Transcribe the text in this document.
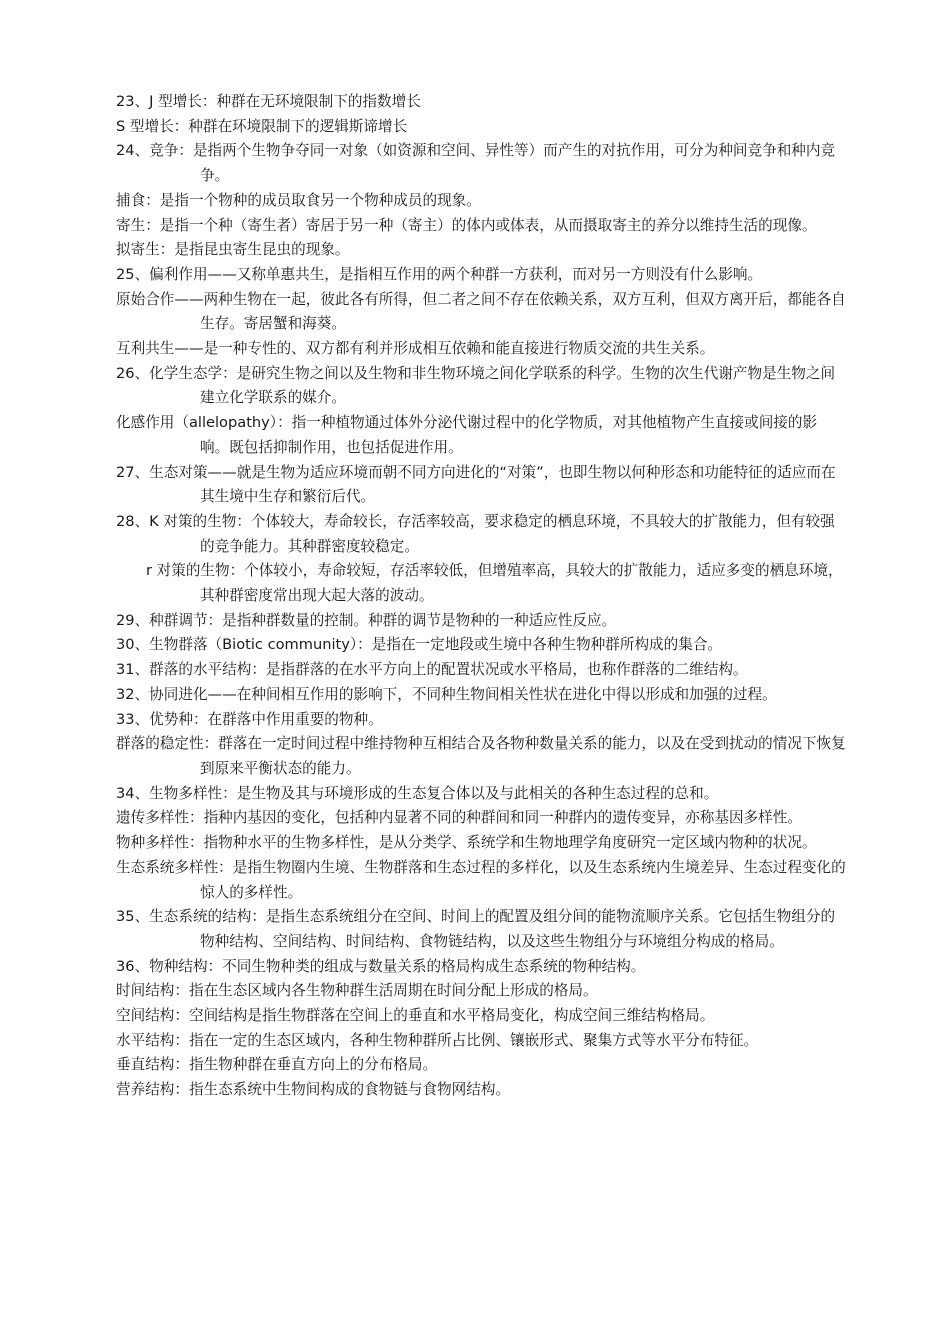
23、J 型增长：种群在无环境限制下的指数增长

S 型增长：种群在环境限制下的逻辑斯谛增长

24、竞争：是指两个生物争夺同一对象（如资源和空间、异性等）而产生的对抗作用，可分为种间竞争和种内竞争。

捕食：是指一个物种的成员取食另一个物种成员的现象。

寄生：是指一个种（寄生者）寄居于另一种（寄主）的体内或体表，从而摄取寄主的养分以维持生活的现像。

拟寄生：是指昆虫寄生昆虫的现象。

25、偏利作用——又称单惠共生，是指相互作用的两个种群一方获利，而对另一方则没有什么影响。

原始合作——两种生物在一起，彼此各有所得，但二者之间不存在依赖关系，双方互利，但双方离开后，都能各自生存。寄居蟹和海葵。

互利共生——是一种专性的、双方都有利并形成相互依赖和能直接进行物质交流的共生关系。

26、化学生态学：是研究生物之间以及生物和非生物环境之间化学联系的科学。生物的次生代谢产物是生物之间建立化学联系的媒介。

化感作用（allelopathy）：指一种植物通过体外分泌代谢过程中的化学物质，对其他植物产生直接或间接的影响。既包括抑制作用，也包括促进作用。

27、生态对策——就是生物为适应环境而朝不同方向进化的“对策”，也即生物以何种形态和功能特征的适应而在其生境中生存和繁衍后代。

28、K 对策的生物：个体较大，寿命较长，存活率较高，要求稳定的栖息环境，不具较大的扩散能力，但有较强的竞争能力。其种群密度较稳定。

r 对策的生物：个体较小，寿命较短，存活率较低，但增殖率高，具较大的扩散能力，适应多变的栖息环境，其种群密度常出现大起大落的波动。

29、种群调节：是指种群数量的控制。种群的调节是物种的一种适应性反应。

30、生物群落（Biotic community）：是指在一定地段或生境中各种生物种群所构成的集合。

31、群落的水平结构：是指群落的在水平方向上的配置状况或水平格局，也称作群落的二维结构。

32、协同进化——在种间相互作用的影响下，不同种生物间相关性状在进化中得以形成和加强的过程。

33、优势种：在群落中作用重要的物种。

群落的稳定性：群落在一定时间过程中维持物种互相结合及各物种数量关系的能力，以及在受到扰动的情况下恢复到原来平衡状态的能力。

34、生物多样性：是生物及其与环境形成的生态复合体以及与此相关的各种生态过程的总和。

遗传多样性：指种内基因的变化，包括种内显著不同的种群间和同一种群内的遗传变异，亦称基因多样性。

物种多样性：指物种水平的生物多样性，是从分类学、系统学和生物地理学角度研究一定区域内物种的状况。

生态系统多样性：是指生物圈内生境、生物群落和生态过程的多样化，以及生态系统内生境差异、生态过程变化的惊人的多样性。

35、生态系统的结构：是指生态系统组分在空间、时间上的配置及组分间的能物流顺序关系。它包括生物组分的物种结构、空间结构、时间结构、食物链结构，以及这些生物组分与环境组分构成的格局。

36、物种结构：不同生物种类的组成与数量关系的格局构成生态系统的物种结构。

时间结构：指在生态区域内各生物种群生活周期在时间分配上形成的格局。

空间结构：空间结构是指生物群落在空间上的垂直和水平格局变化，构成空间三维结构格局。

水平结构：指在一定的生态区域内，各种生物种群所占比例、镶嵌形式、聚集方式等水平分布特征。

垂直结构：指生物种群在垂直方向上的分布格局。

营养结构：指生态系统中生物间构成的食物链与食物网结构。
